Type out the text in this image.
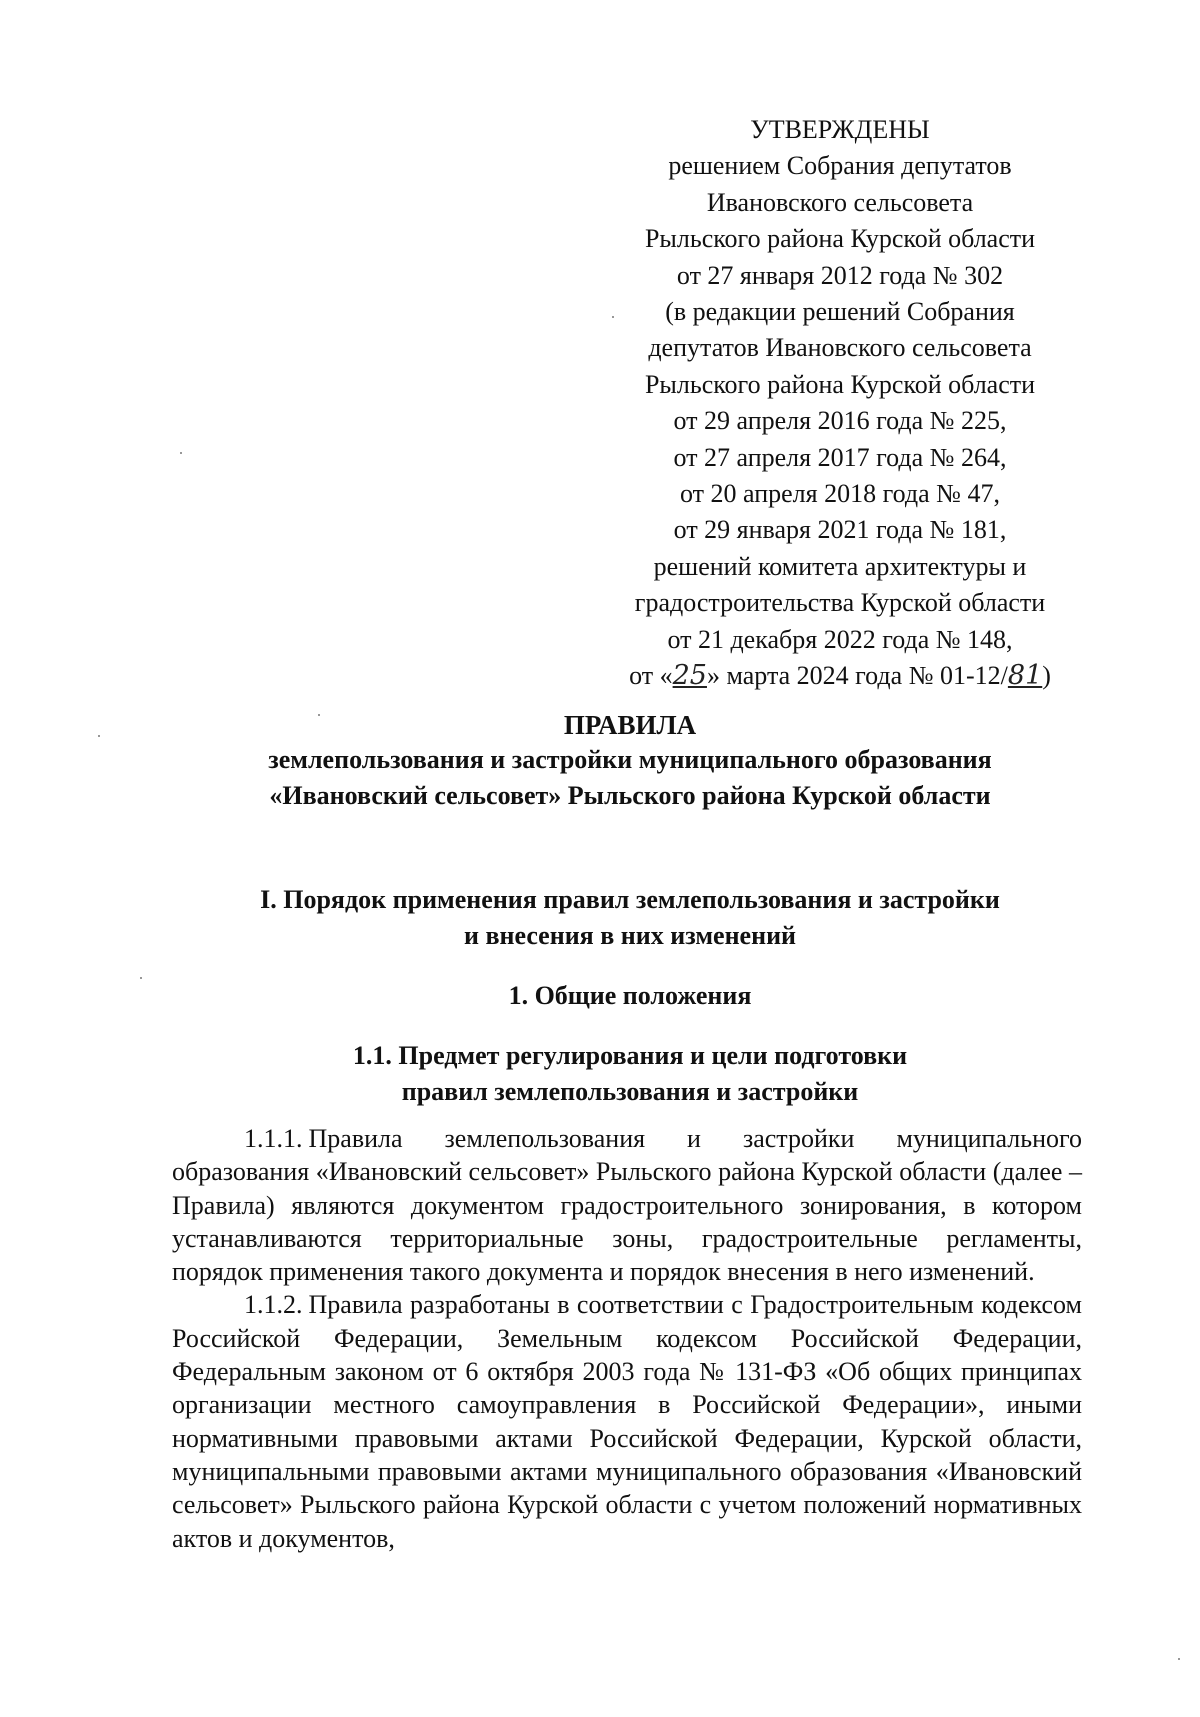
УТВЕРЖДЕНЫ
решением Собрания депутатов
Ивановского сельсовета
Рыльского района Курской области
от 27 января 2012 года № 302
(в редакции решений Собрания
депутатов Ивановского сельсовета
Рыльского района Курской области
от 29 апреля 2016 года № 225,
от 27 апреля 2017 года № 264,
от 20 апреля 2018 года № 47,
от 29 января 2021 года № 181,
решений комитета архитектуры и
градостроительства Курской области
от 21 декабря 2022 года № 148,
от «25» марта 2024 года № 01-12/81)
ПРАВИЛА
землепользования и застройки муниципального образования
«Ивановский сельсовет» Рыльского района Курской области
I. Порядок применения правил землепользования и застройки
и внесения в них изменений
1. Общие положения
1.1. Предмет регулирования и цели подготовки
правил землепользования и застройки

1.1.1. Правила землепользования и застройки муниципального образования «Ивановский сельсовет» Рыльского района Курской области (далее – Правила) являются документом градостроительного зонирования, в котором устанавливаются территориальные зоны, градостроительные регламенты, порядок применения такого документа и порядок внесения в него изменений.

1.1.2. Правила разработаны в соответствии с Градостроительным кодексом Российской Федерации, Земельным кодексом Российской Федерации, Федеральным законом от 6 октября 2003 года № 131-ФЗ «Об общих принципах организации местного самоуправления в Российской Федерации», иными нормативными правовыми актами Российской Федерации, Курской области, муниципальными правовыми актами муниципального образования «Ивановский сельсовет» Рыльского района Курской области с учетом положений нормативных актов и документов,
